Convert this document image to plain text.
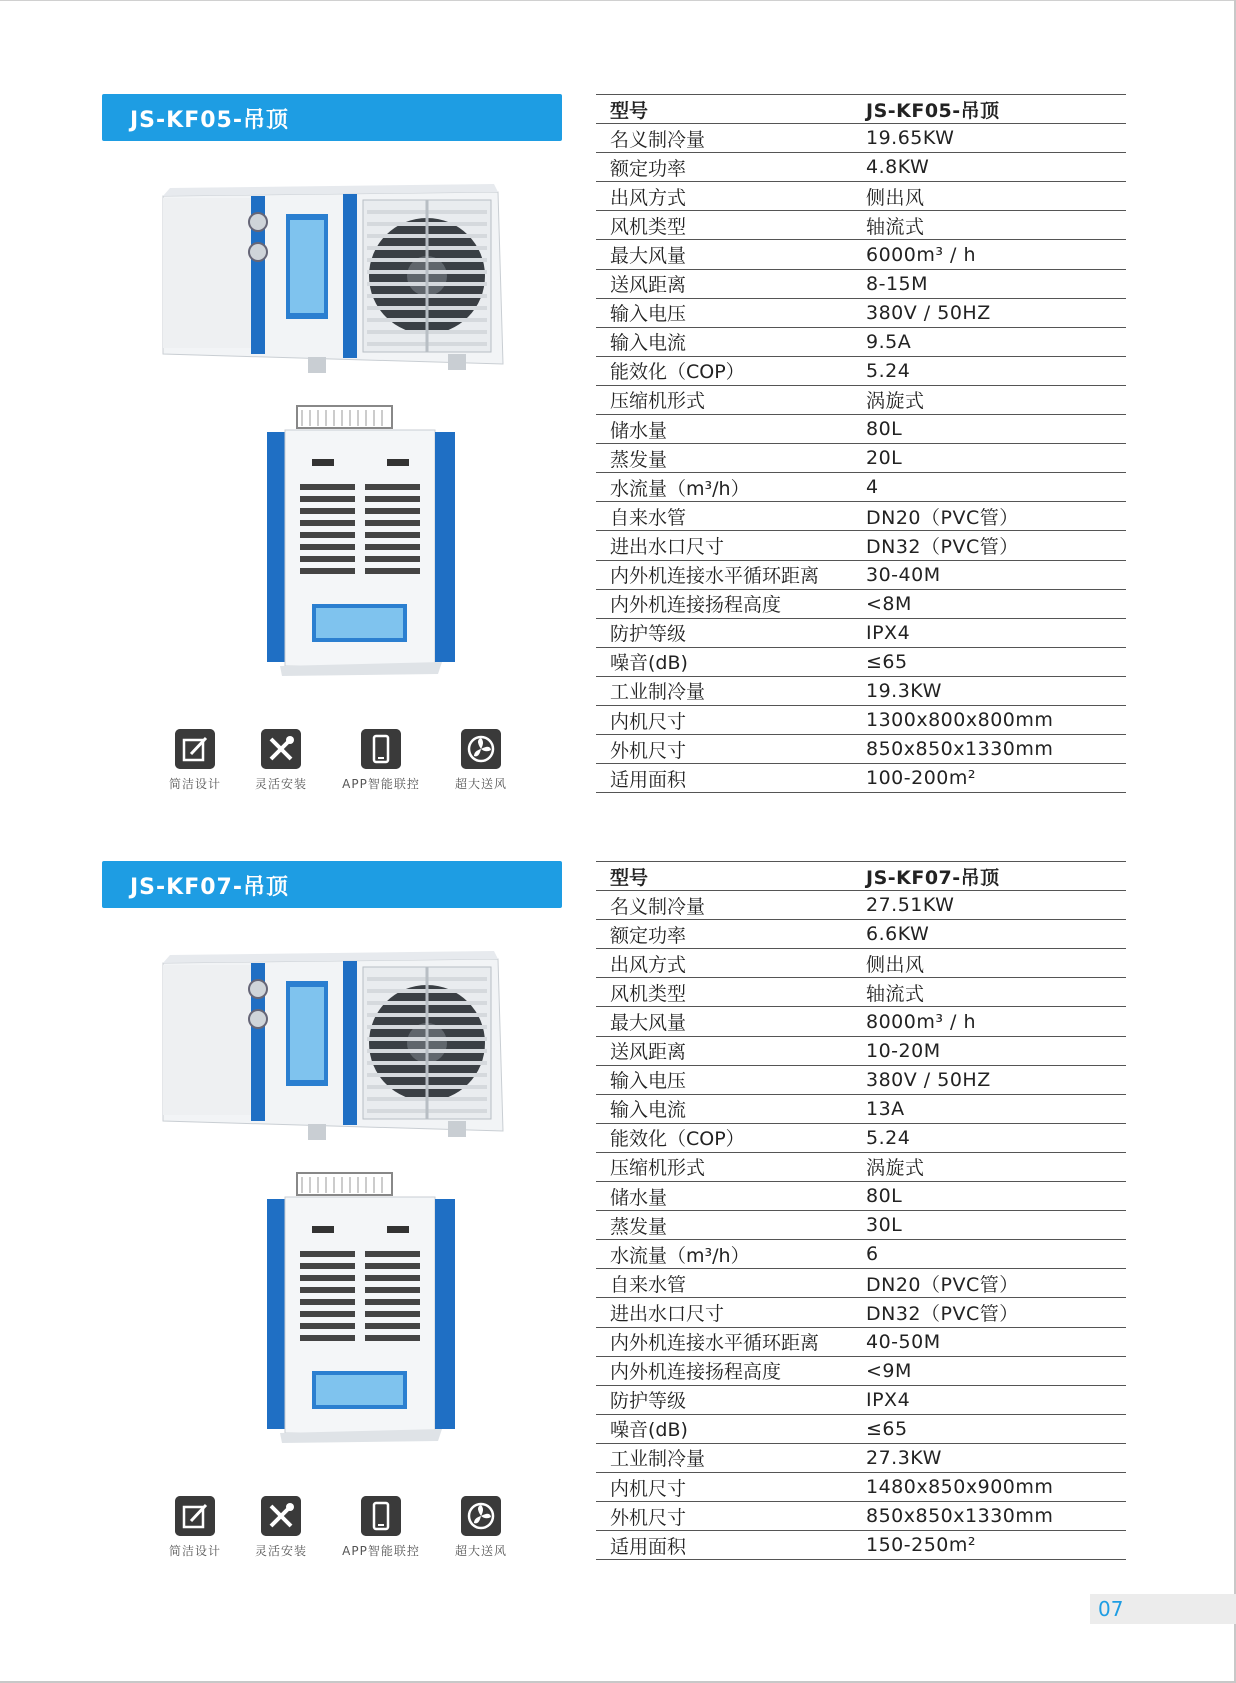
JS-KF05-吊顶
简洁设计	灵活安装	APP智能联控	超大送风
型号	JS-KF05-吊顶
名义制冷量	19.65KW
额定功率	4.8KW
出风方式	侧出风
风机类型	轴流式
最大风量	6000m³ / h
送风距离	8-15M
输入电压	380V / 50HZ
输入电流	9.5A
能效化（COP）	5.24
压缩机形式	涡旋式
储水量	80L
蒸发量	20L
水流量（m³/h）	4
自来水管	DN20（PVC管）
进出水口尺寸	DN32（PVC管）
内外机连接水平循环距离	30-40M
内外机连接扬程高度	<8M
防护等级	IPX4
噪音(dB)	≤65
工业制冷量	19.3KW
内机尺寸	1300x800x800mm
外机尺寸	850x850x1330mm
适用面积	100-200m²
JS-KF07-吊顶
简洁设计	灵活安装	APP智能联控	超大送风
型号	JS-KF07-吊顶
名义制冷量	27.51KW
额定功率	6.6KW
出风方式	侧出风
风机类型	轴流式
最大风量	8000m³ / h
送风距离	10-20M
输入电压	380V / 50HZ
输入电流	13A
能效化（COP）	5.24
压缩机形式	涡旋式
储水量	80L
蒸发量	30L
水流量（m³/h）	6
自来水管	DN20（PVC管）
进出水口尺寸	DN32（PVC管）
内外机连接水平循环距离	40-50M
内外机连接扬程高度	<9M
防护等级	IPX4
噪音(dB)	≤65
工业制冷量	27.3KW
内机尺寸	1480x850x900mm
外机尺寸	850x850x1330mm
适用面积	150-250m²
07
